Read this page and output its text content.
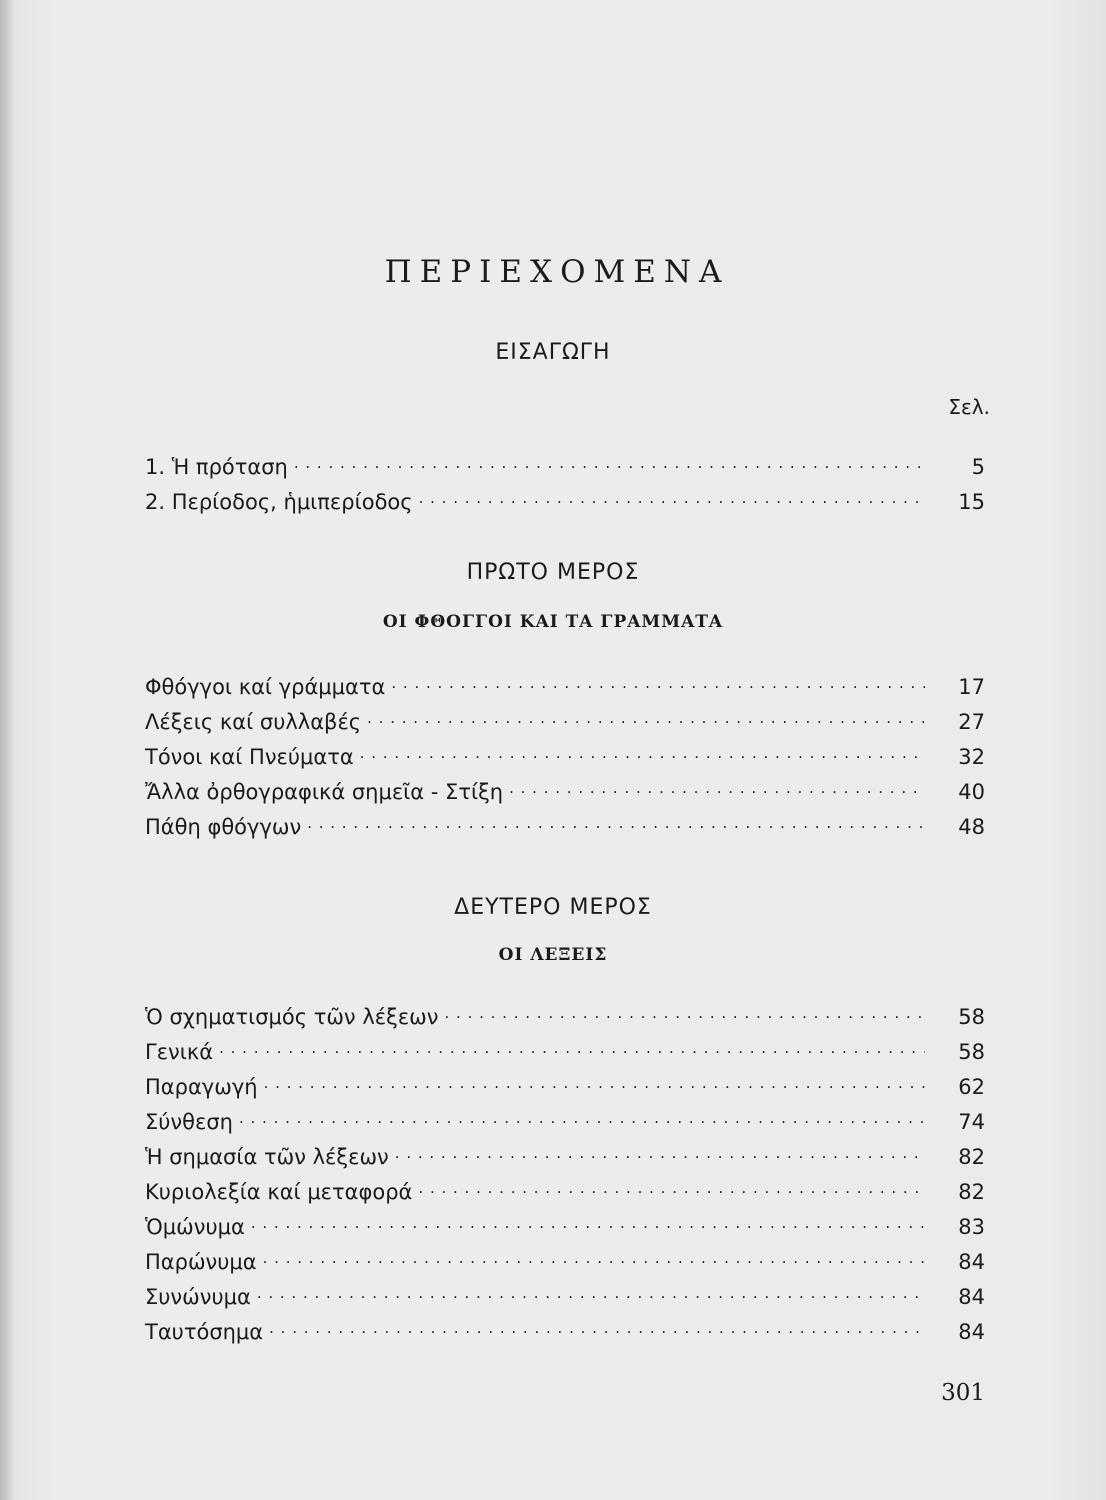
ΠΕΡΙΕΧΟΜΕΝΑ
ΕΙΣΑΓΩΓΗ
Σελ.
1. Ἡ πρόταση . . .	5
2. Περίοδος, ἡμιπερίοδος . . .	15
ΠΡΩΤΟ ΜΕΡΟΣ
ΟΙ ΦΘΟΓΓΟΙ ΚΑΙ ΤΑ ΓΡΑΜΜΑΤΑ
Φθόγγοι καί γράμματα . . .	17
Λέξεις καί συλλαβές . . .	27
Τόνοι καί Πνεύματα . . .	32
Ἄλλα ὀρθογραφικά σημεῖα - Στίξη . . .	40
Πάθη φθόγγων . . .	48
ΔΕΥΤΕΡΟ ΜΕΡΟΣ
ΟΙ ΛΕΞΕΙΣ
Ὁ σχηματισμός τῶν λέξεων . . .	58
Γενικά . . .	58
Παραγωγή . . .	62
Σύνθεση . . .	74
Ἡ σημασία τῶν λέξεων . . .	82
Κυριολεξία καί μεταφορά . . .	82
Ὁμώνυμα . . .	83
Παρώνυμα . . .	84
Συνώνυμα . . .	84
Ταυτόσημα . . .	84
301
